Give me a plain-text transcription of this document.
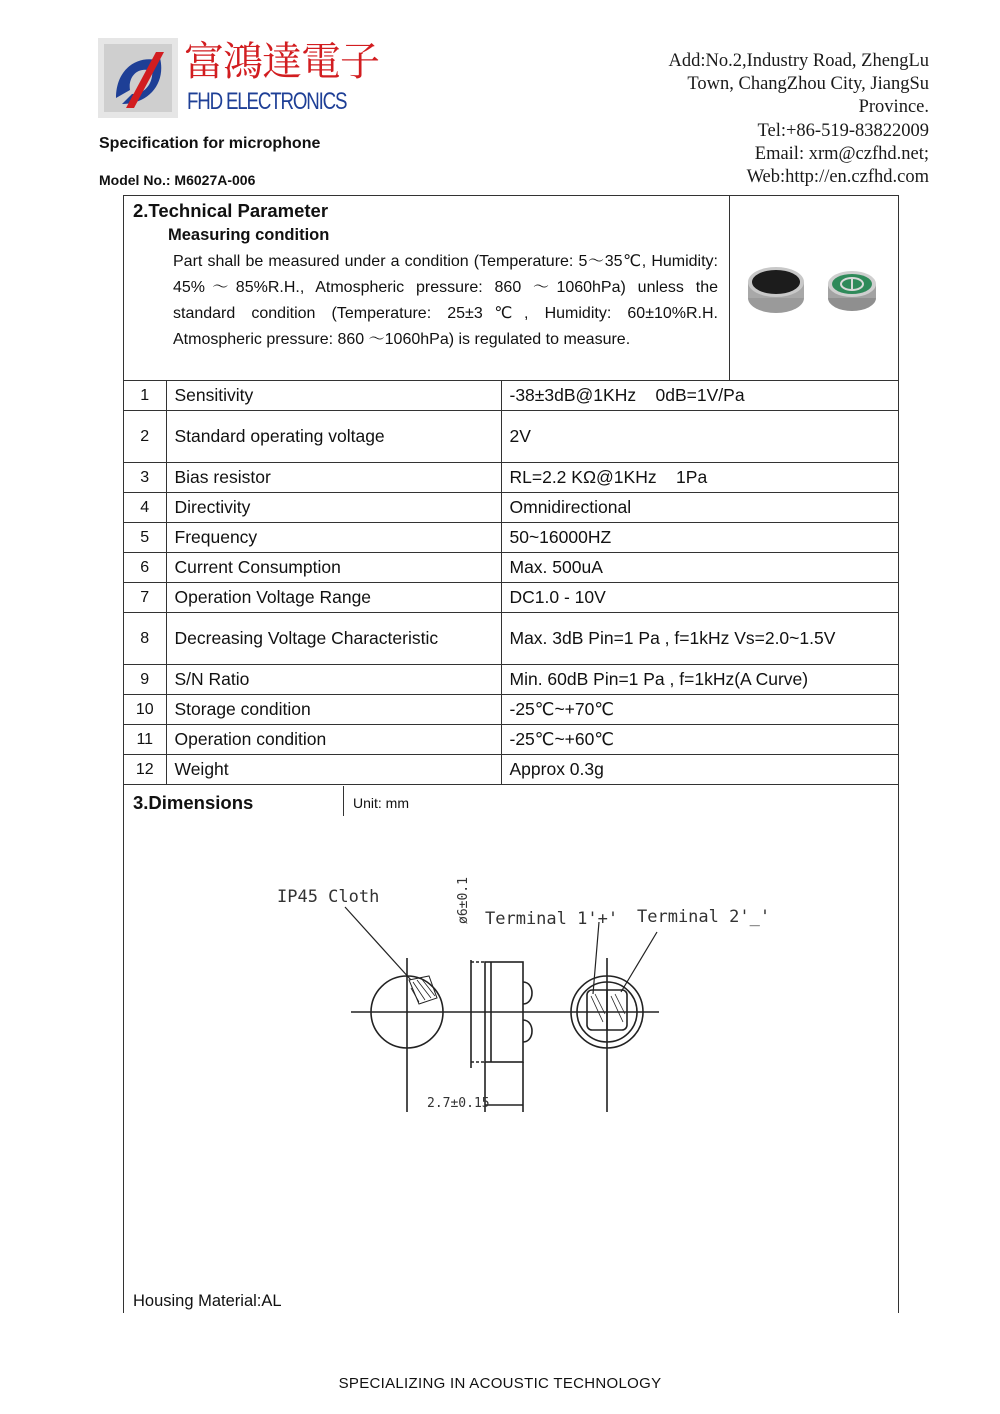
富鴻達電子
FHD ELECTRONICS
Specification for microphone
Model No.: M6027A-006
Add:No.2,Industry Road, ZhengLu
Town, ChangZhou City, JiangSu
Province.
Tel:+86-519-83822009
Email: xrm@czfhd.net;
Web:http://en.czfhd.com
2.Technical Parameter
Measuring condition
Part shall be measured under a condition (Temperature: 5～35℃, Humidity: 45%～85%R.H., Atmospheric pressure: 860 ～1060hPa) unless the standard condition (Temperature: 25±3℃, Humidity: 60±10%R.H. Atmospheric pressure: 860 ～1060hPa) is regulated to measure.
1	Sensitivity	-38±3dB@1KHz    0dB=1V/Pa
2	Standard operating voltage	2V
3	Bias resistor	RL=2.2 KΩ@1KHz    1Pa
4	Directivity	Omnidirectional
5	Frequency	50~16000HZ
6	Current Consumption	Max. 500uA
7	Operation Voltage Range	DC1.0 - 10V
8	Decreasing Voltage Characteristic	Max. 3dB Pin=1 Pa , f=1kHz Vs=2.0~1.5V
9	S/N Ratio	Min. 60dB Pin=1 Pa , f=1kHz(A Curve)
10	Storage condition	-25℃~+70℃
11	Operation condition	-25℃~+60℃
12	Weight	Approx 0.3g
3.Dimensions	Unit: mm
IP45 Cloth
Terminal 1'+' Terminal 2'_'
2.7±0.15
ø6±0.1
Housing Material:AL
SPECIALIZING IN ACOUSTIC TECHNOLOGY
